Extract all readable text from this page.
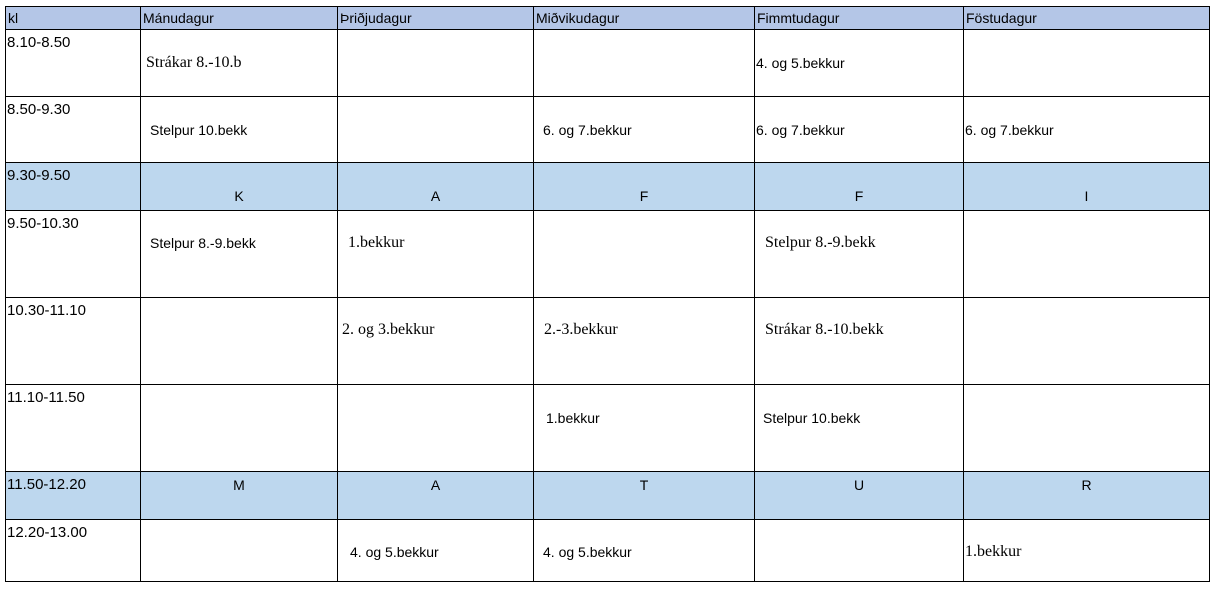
kl	Mánudagur	Þriðjudagur	Miðvikudagur	Fimmtudagur	Föstudagur

8.10-8.50	Strákar 8.-10.b			4. og 5.bekkur	

8.50-9.30	Stelpur 10.bekk		6. og 7.bekkur	6. og 7.bekkur	6. og 7.bekkur

9.30-9.50	K	A	F	F	I

9.50-10.30	Stelpur 8.-9.bekk	1.bekkur		Stelpur 8.-9.bekk	

10.30-11.10		2. og 3.bekkur	2.-3.bekkur	Strákar 8.-10.bekk	

11.10-11.50			1.bekkur	Stelpur 10.bekk	

11.50-12.20	M	A	T	U	R

12.20-13.00		4. og 5.bekkur	4. og 5.bekkur		1.bekkur
